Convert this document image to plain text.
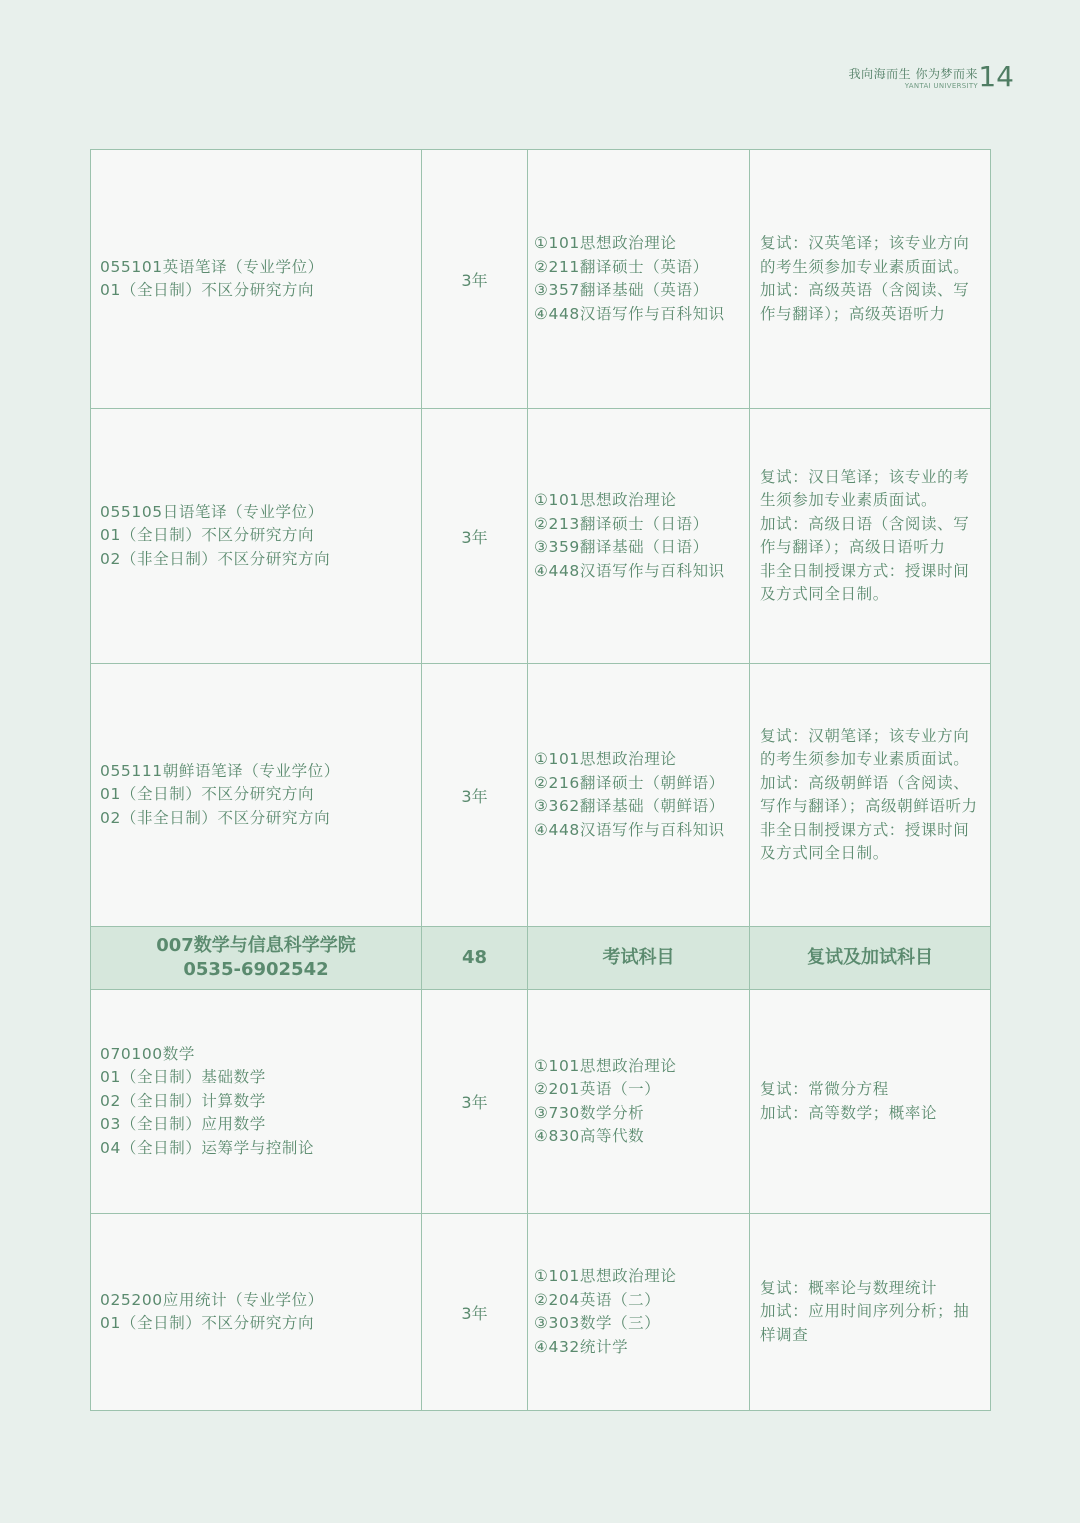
我向海而生 你为梦而来
YANTAI UNIVERSITY 14
055101英语笔译（专业学位）
01（全日制）不区分研究方向	3年	①101思想政治理论
②211翻译硕士（英语）
③357翻译基础（英语）
④448汉语写作与百科知识	复试：汉英笔译；该专业方向的考生须参加专业素质面试。
加试：高级英语（含阅读、写作与翻译）；高级英语听力

055105日语笔译（专业学位）
01（全日制）不区分研究方向
02（非全日制）不区分研究方向	3年	①101思想政治理论
②213翻译硕士（日语）
③359翻译基础（日语）
④448汉语写作与百科知识	复试：汉日笔译；该专业的考生须参加专业素质面试。
加试：高级日语（含阅读、写作与翻译）；高级日语听力
非全日制授课方式：授课时间及方式同全日制。

055111朝鲜语笔译（专业学位）
01（全日制）不区分研究方向
02（非全日制）不区分研究方向	3年	①101思想政治理论
②216翻译硕士（朝鲜语）
③362翻译基础（朝鲜语）
④448汉语写作与百科知识	复试：汉朝笔译；该专业方向的考生须参加专业素质面试。
加试：高级朝鲜语（含阅读、写作与翻译）；高级朝鲜语听力
非全日制授课方式：授课时间及方式同全日制。

007数学与信息科学学院
0535-6902542	48	考试科目	复试及加试科目

070100数学
01（全日制）基础数学
02（全日制）计算数学
03（全日制）应用数学
04（全日制）运筹学与控制论	3年	①101思想政治理论
②201英语（一）
③730数学分析
④830高等代数	复试：常微分方程
加试：高等数学；概率论

025200应用统计（专业学位）
01（全日制）不区分研究方向	3年	①101思想政治理论
②204英语（二）
③303数学（三）
④432统计学	复试：概率论与数理统计
加试：应用时间序列分析；抽样调查
